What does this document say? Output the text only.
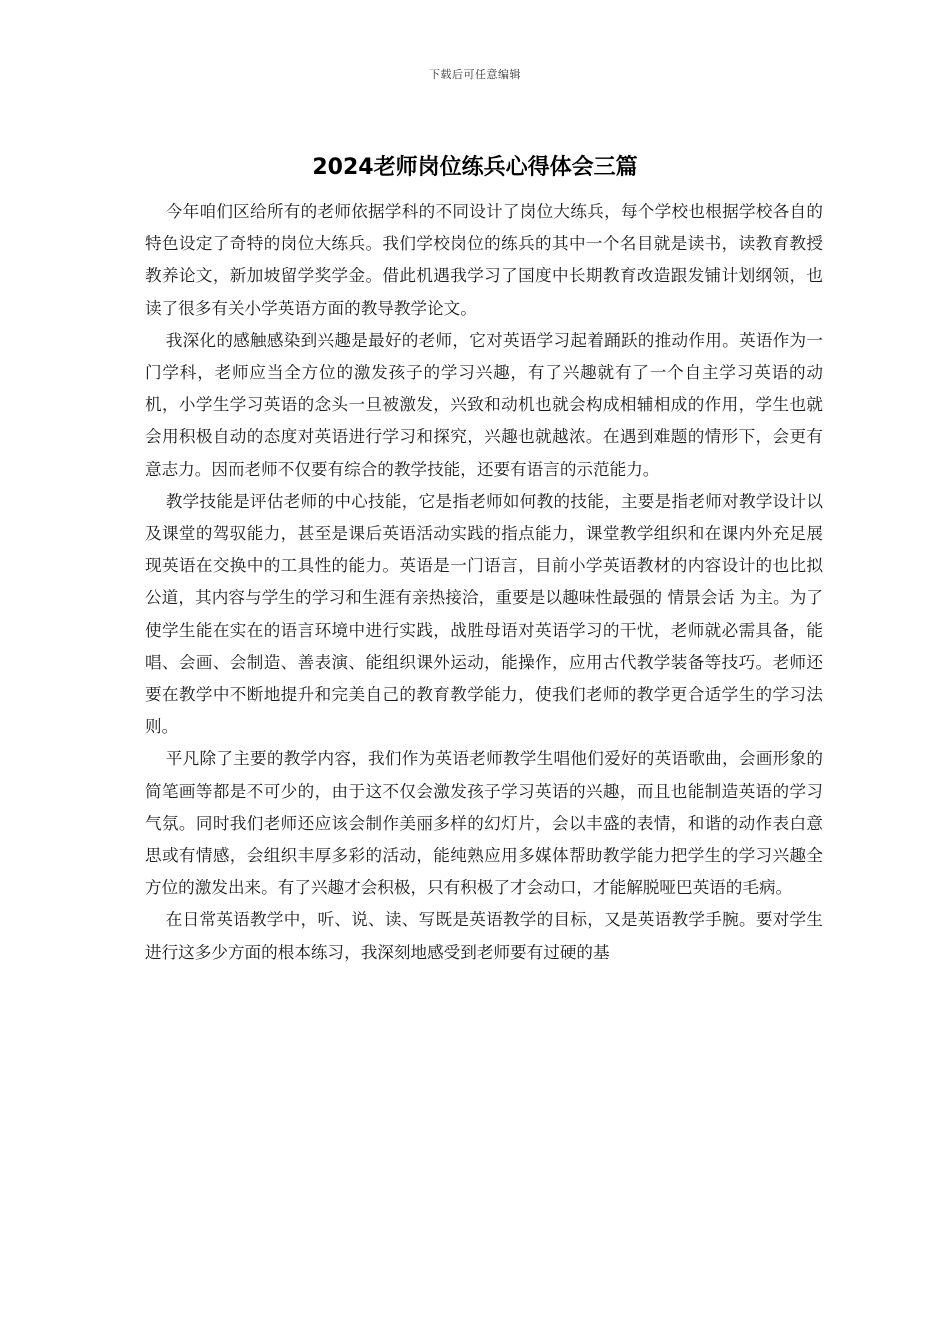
下载后可任意编辑
2024老师岗位练兵心得体会三篇

今年咱们区给所有的老师依据学科的不同设计了岗位大练兵，每个学校也根据学校各自的特色设定了奇特的岗位大练兵。我们学校岗位的练兵的其中一个名目就是读书，读教育教授教养论文，新加坡留学奖学金。借此机遇我学习了国度中长期教育改造跟发铺计划纲领，也读了很多有关小学英语方面的教导教学论文。

我深化的感触感染到兴趣是最好的老师，它对英语学习起着踊跃的推动作用。英语作为一门学科，老师应当全方位的激发孩子的学习兴趣，有了兴趣就有了一个自主学习英语的动机，小学生学习英语的念头一旦被激发，兴致和动机也就会构成相辅相成的作用，学生也就会用积极自动的态度对英语进行学习和探究，兴趣也就越浓。在遇到难题的情形下，会更有意志力。因而老师不仅要有综合的教学技能，还要有语言的示范能力。

教学技能是评估老师的中心技能，它是指老师如何教的技能，主要是指老师对教学设计以及课堂的驾驭能力，甚至是课后英语活动实践的指点能力，课堂教学组织和在课内外充足展现英语在交换中的工具性的能力。英语是一门语言，目前小学英语教材的内容设计的也比拟公道，其内容与学生的学习和生涯有亲热接洽，重要是以趣味性最强的 情景会话 为主。为了使学生能在实在的语言环境中进行实践，战胜母语对英语学习的干忧，老师就必需具备，能唱、会画、会制造、善表演、能组织课外运动，能操作，应用古代教学装备等技巧。老师还要在教学中不断地提升和完美自己的教育教学能力，使我们老师的教学更合适学生的学习法则。

平凡除了主要的教学内容，我们作为英语老师教学生唱他们爱好的英语歌曲，会画形象的简笔画等都是不可少的，由于这不仅会激发孩子学习英语的兴趣，而且也能制造英语的学习气氛。同时我们老师还应该会制作美丽多样的幻灯片，会以丰盛的表情，和谐的动作表白意思或有情感，会组织丰厚多彩的活动，能纯熟应用多媒体帮助教学能力把学生的学习兴趣全方位的激发出来。有了兴趣才会积极，只有积极了才会动口，才能解脱哑巴英语的毛病。

在日常英语教学中，听、说、读、写既是英语教学的目标，又是英语教学手腕。要对学生进行这多少方面的根本练习，我深刻地感受到老师要有过硬的基
